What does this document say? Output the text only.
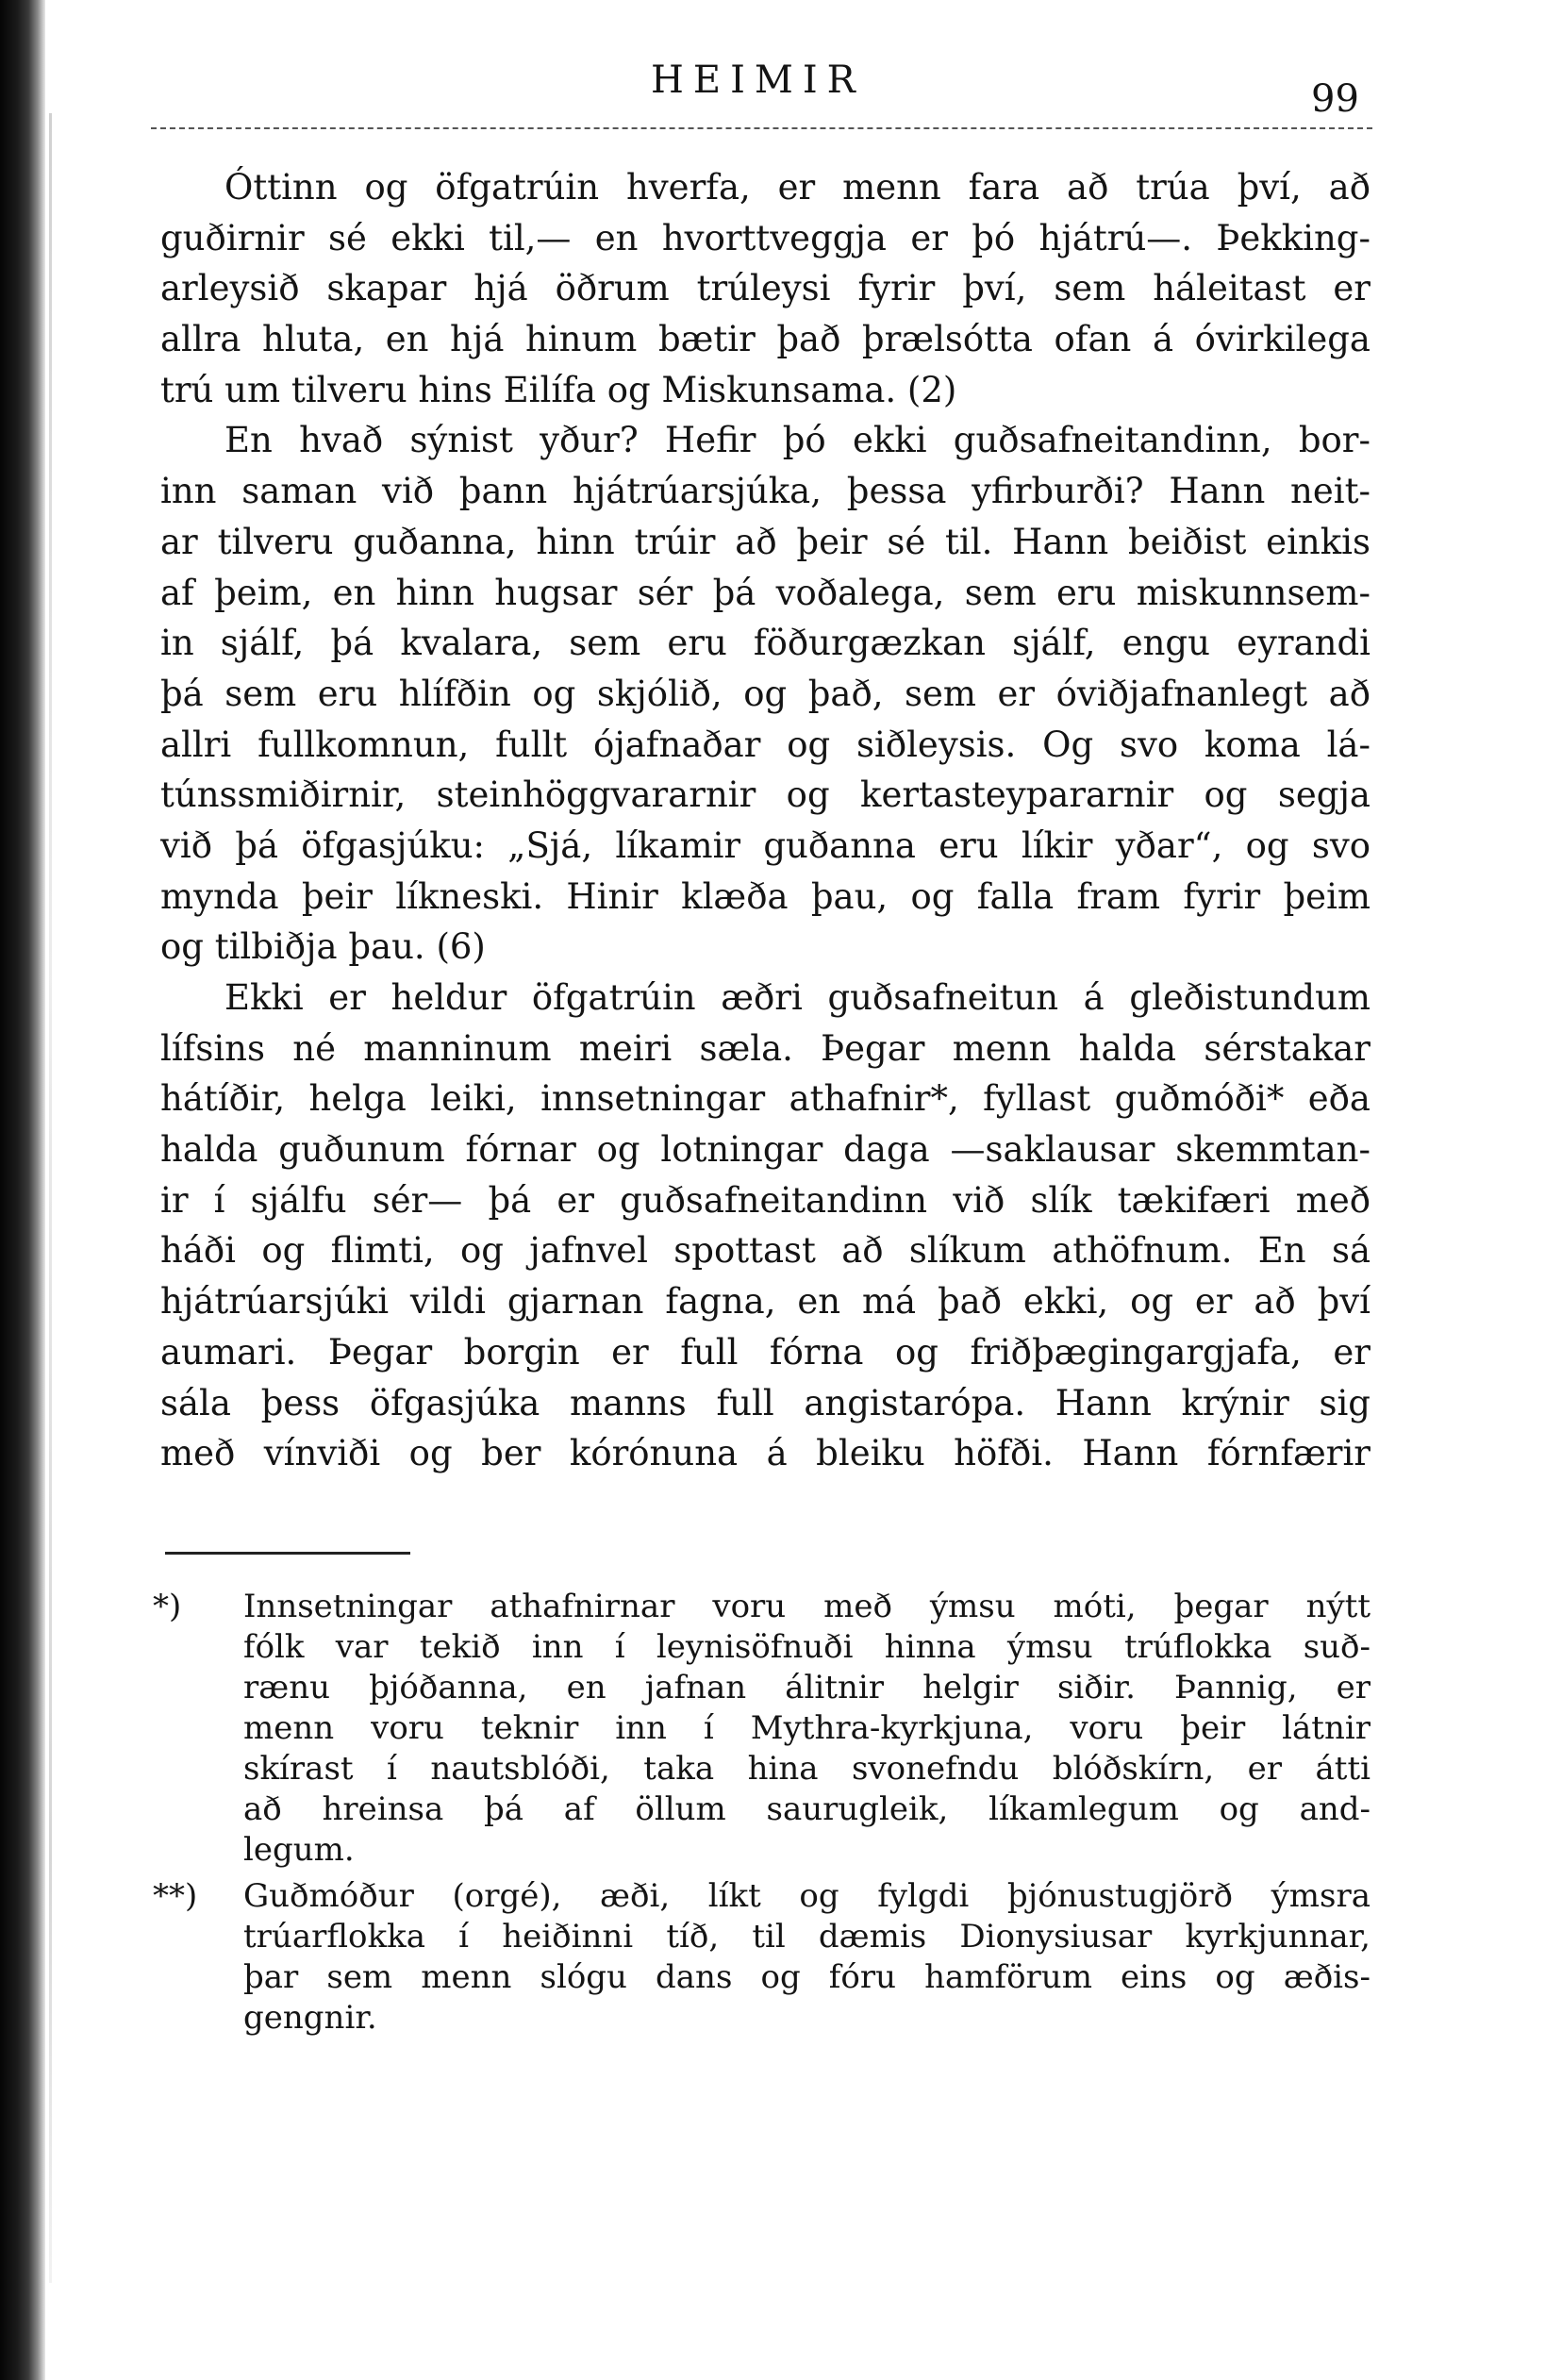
HEIMIR	99
Óttinn og öfgatrúin hverfa, er menn fara að trúa því, að
guðirnir sé ekki til,— en hvorttveggja er þó hjátrú—. Þekking-
arleysið skapar hjá öðrum trúleysi fyrir því, sem háleitast er
allra hluta, en hjá hinum bætir það þrælsótta ofan á óvirkilega
trú um tilveru hins Eilífa og Miskunsama. (2)
En hvað sýnist yður? Hefir þó ekki guðsafneitandinn, bor-
inn saman við þann hjátrúarsjúka, þessa yfirburði? Hann neit-
ar tilveru guðanna, hinn trúir að þeir sé til. Hann beiðist einkis
af þeim, en hinn hugsar sér þá voðalega, sem eru miskunnsem-
in sjálf, þá kvalara, sem eru föðurgæzkan sjálf, engu eyrandi
þá sem eru hlífðin og skjólið, og það, sem er óviðjafnanlegt að
allri fullkomnun, fullt ójafnaðar og siðleysis. Og svo koma lá-
túnssmiðirnir, steinhöggvararnir og kertasteypararnir og segja
við þá öfgasjúku: „Sjá, líkamir guðanna eru líkir yðar“, og svo
mynda þeir líkneski. Hinir klæða þau, og falla fram fyrir þeim
og tilbiðja þau. (6)
Ekki er heldur öfgatrúin æðri guðsafneitun á gleðistundum
lífsins né manninum meiri sæla. Þegar menn halda sérstakar
hátíðir, helga leiki, innsetningar athafnir*, fyllast guðmóði* eða
halda guðunum fórnar og lotningar daga —saklausar skemmtan-
ir í sjálfu sér— þá er guðsafneitandinn við slík tækifæri með
háði og flimti, og jafnvel spottast að slíkum athöfnum. En sá
hjátrúarsjúki vildi gjarnan fagna, en má það ekki, og er að því
aumari. Þegar borgin er full fórna og friðþægingargjafa, er
sála þess öfgasjúka manns full angistarópa. Hann krýnir sig
með vínviði og ber kórónuna á bleiku höfði. Hann fórnfærir
*) Innsetningar athafnirnar voru með ýmsu móti, þegar nýtt
fólk var tekið inn í leynisöfnuði hinna ýmsu trúflokka suð-
rænu þjóðanna, en jafnan álitnir helgir siðir. Þannig, er
menn voru teknir inn í Mythra-kyrkjuna, voru þeir látnir
skírast í nautsblóði, taka hina svonefndu blóðskírn, er átti
að hreinsa þá af öllum saurugleik, líkamlegum og and-
legum.
**) Guðmóður (orgé), æði, líkt og fylgdi þjónustugjörð ýmsra
trúarflokka í heiðinni tíð, til dæmis Dionysiusar kyrkjunnar,
þar sem menn slógu dans og fóru hamförum eins og æðis-
gengnir.
